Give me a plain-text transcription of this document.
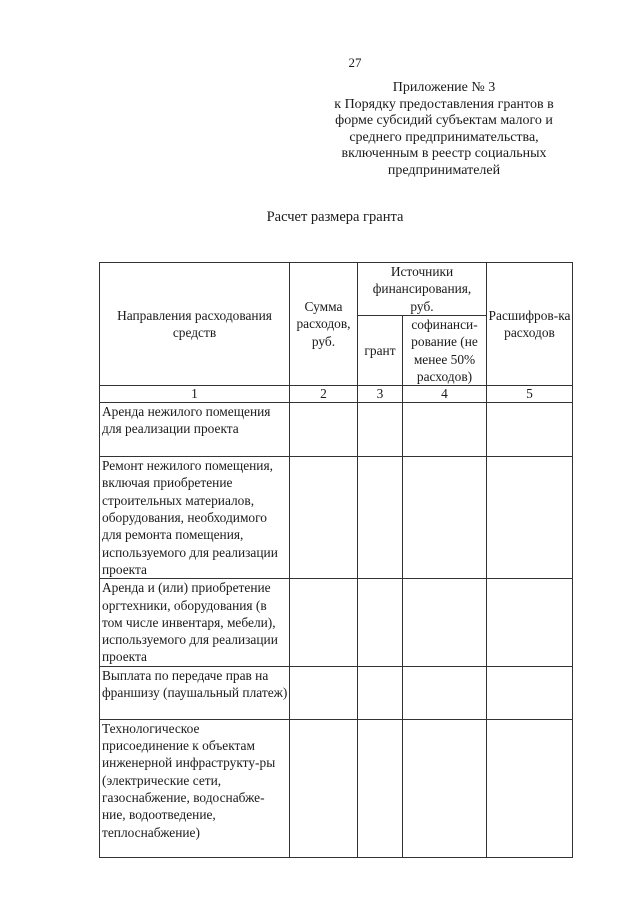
27
Приложение № 3
к Порядку предоставления грантов в
форме субсидий субъектам малого и
среднего предпринимательства,
включенным в реестр социальных
предпринимателей
Расчет размера гранта
Направления расходования средств	Сумма расходов, руб.	Источники финансирования, руб.		Расшифров-ка расходов
		грант	софинанси-рование (не менее 50% расходов)	
1	2	3	4	5
Аренда нежилого помещения для реализации проекта				
Ремонт нежилого помещения, включая приобретение строительных материалов, оборудования, необходимого для ремонта помещения, используемого для реализации проекта				
Аренда и (или) приобретение оргтехники, оборудования (в том числе инвентаря, мебели), используемого для реализации проекта				
Выплата по передаче прав на франшизу (паушальный платеж)				
Технологическое присоединение к объектам инженерной инфраструкту-ры (электрические сети, газоснабжение, водоснабже-ние, водоотведение, теплоснабжение)				
